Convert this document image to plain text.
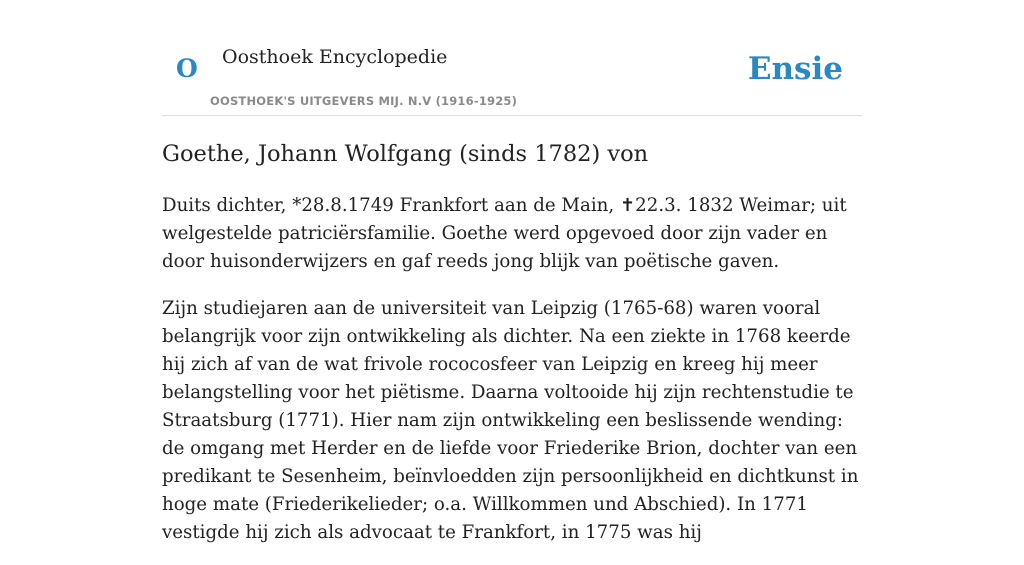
O Oosthoek Encyclopedie
OOSTHOEK'S UITGEVERS MIJ. N.V (1916-1925)
Ensie
Goethe, Johann Wolfgang (sinds 1782) von

Duits dichter, *28.8.1749 Frankfort aan de Main, ✝22.3. 1832 Weimar; uit welgestelde patriciërsfamilie. Goethe werd opgevoed door zijn vader en door huisonderwijzers en gaf reeds jong blijk van poëtische gaven.

Zijn studiejaren aan de universiteit van Leipzig (1765-68) waren vooral belangrijk voor zijn ontwikkeling als dichter. Na een ziekte in 1768 keerde hij zich af van de wat frivole rococosfeer van Leipzig en kreeg hij meer belangstelling voor het piëtisme. Daarna voltooide hij zijn rechtenstudie te Straatsburg (1771). Hier nam zijn ontwikkeling een beslissende wending: de omgang met Herder en de liefde voor Friederike Brion, dochter van een predikant te Sesenheim, beïnvloedden zijn persoonlijkheid en dichtkunst in hoge mate (Friederikelieder; o.a. Willkommen und Abschied). In 1771 vestigde hij zich als advocaat te Frankfort, in 1775 was hij
